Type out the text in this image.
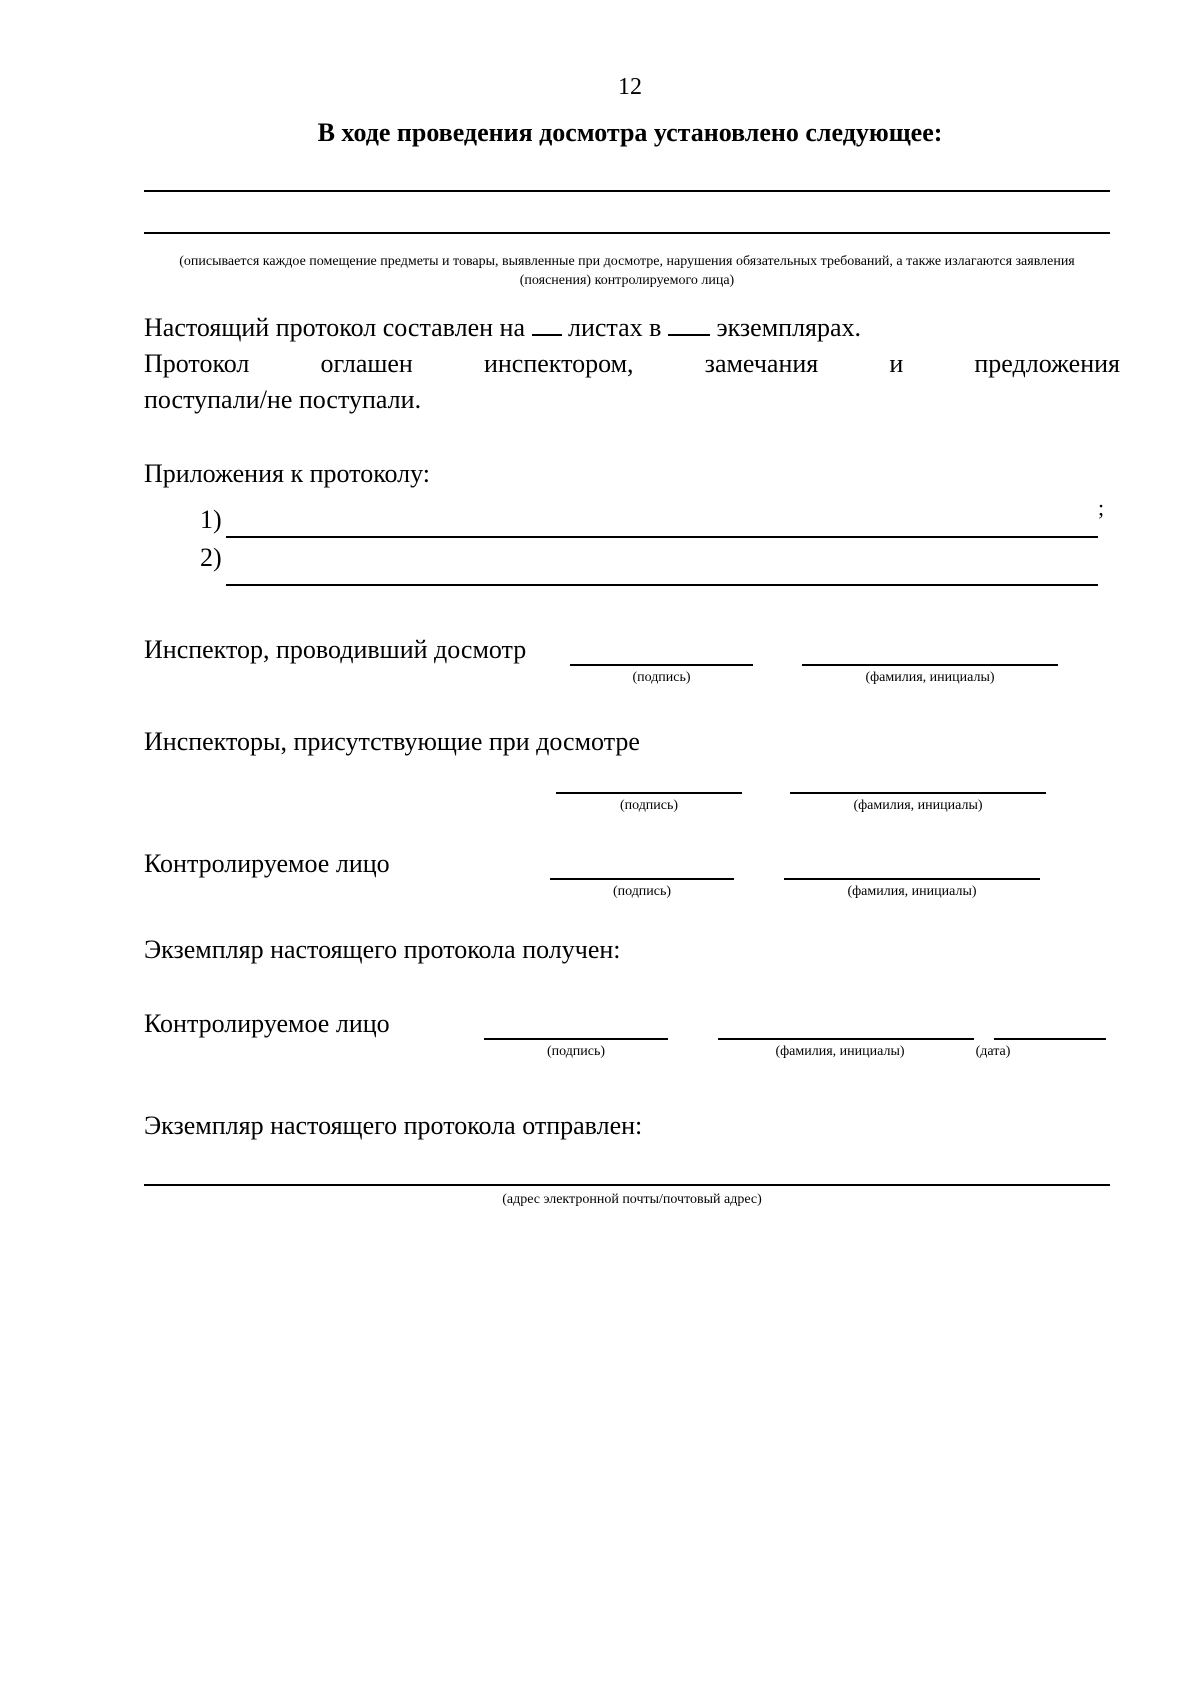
12
В ходе проведения досмотра установлено следующее:
(описывается каждое помещение предметы и товары, выявленные при досмотре, нарушения обязательных требований, а также излагаются заявления (пояснения) контролируемого лица)
Настоящий протокол составлен на листах в экземплярах.
Протокол	оглашен	инспектором,	замечания	и	предложения
поступали/не поступали.
Приложения к протоколу:
1)	;
2)
Инспектор, проводивший досмотр
(подпись)	(фамилия, инициалы)
Инспекторы, присутствующие при досмотре
(подпись)	(фамилия, инициалы)
Контролируемое лицо
(подпись)	(фамилия, инициалы)
Экземпляр настоящего протокола получен:
Контролируемое лицо
(подпись)	(фамилия, инициалы)	(дата)
Экземпляр настоящего протокола отправлен:
(адрес электронной почты/почтовый адрес)
